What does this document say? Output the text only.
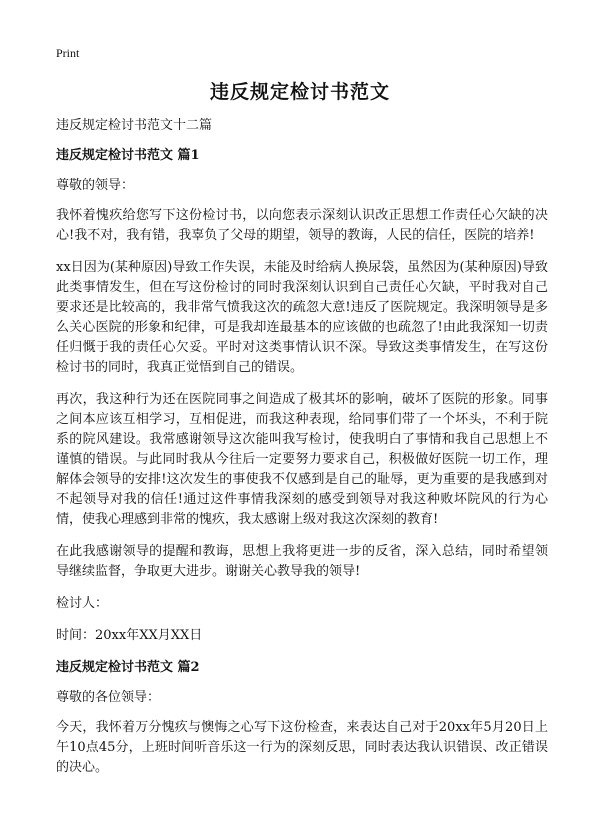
Print
违反规定检讨书范文

违反规定检讨书范文十二篇

违反规定检讨书范文 篇1

尊敬的领导：

我怀着愧疚给您写下这份检讨书，以向您表示深刻认识改正思想工作责任心欠缺的决心!我不对，我有错，我辜负了父母的期望，领导的教诲，人民的信任，医院的培养!

xx日因为(某种原因)导致工作失误，未能及时给病人换尿袋，虽然因为(某种原因)导致此类事情发生，但在写这份检讨的同时我深刻认识到自己责任心欠缺，平时我对自己要求还是比较高的，我非常气愤我这次的疏忽大意!违反了医院规定。我深明领导是多么关心医院的形象和纪律，可是我却连最基本的应该做的也疏忽了!由此我深知一切责任归慨于我的责任心欠妥。平时对这类事情认识不深。导致这类事情发生，在写这份检讨书的同时，我真正觉悟到自己的错误。

再次，我这种行为还在医院同事之间造成了极其坏的影响，破坏了医院的形象。同事之间本应该互相学习，互相促进，而我这种表现，给同事们带了一个坏头，不利于院系的院风建设。我常感谢领导这次能叫我写检讨，使我明白了事情和我自己思想上不谨慎的错误。与此同时我从今往后一定要努力要求自己，积极做好医院一切工作，理解体会领导的安排!这次发生的事使我不仅感到是自己的耻辱，更为重要的是我感到对不起领导对我的信任!通过这件事情我深刻的感受到领导对我这种败坏院风的行为心情，使我心理感到非常的愧疚，我太感谢上级对我这次深刻的教育!

在此我感谢领导的提醒和教诲，思想上我将更进一步的反省，深入总结，同时希望领导继续监督，争取更大进步。谢谢关心教导我的领导!

检讨人：

时间：20xx年XX月XX日

违反规定检讨书范文 篇2

尊敬的各位领导：

今天，我怀着万分愧疚与懊悔之心写下这份检查，来表达自己对于20xx年5月20日上午10点45分，上班时间听音乐这一行为的深刻反思，同时表达我认识错误、改正错误的决心。
